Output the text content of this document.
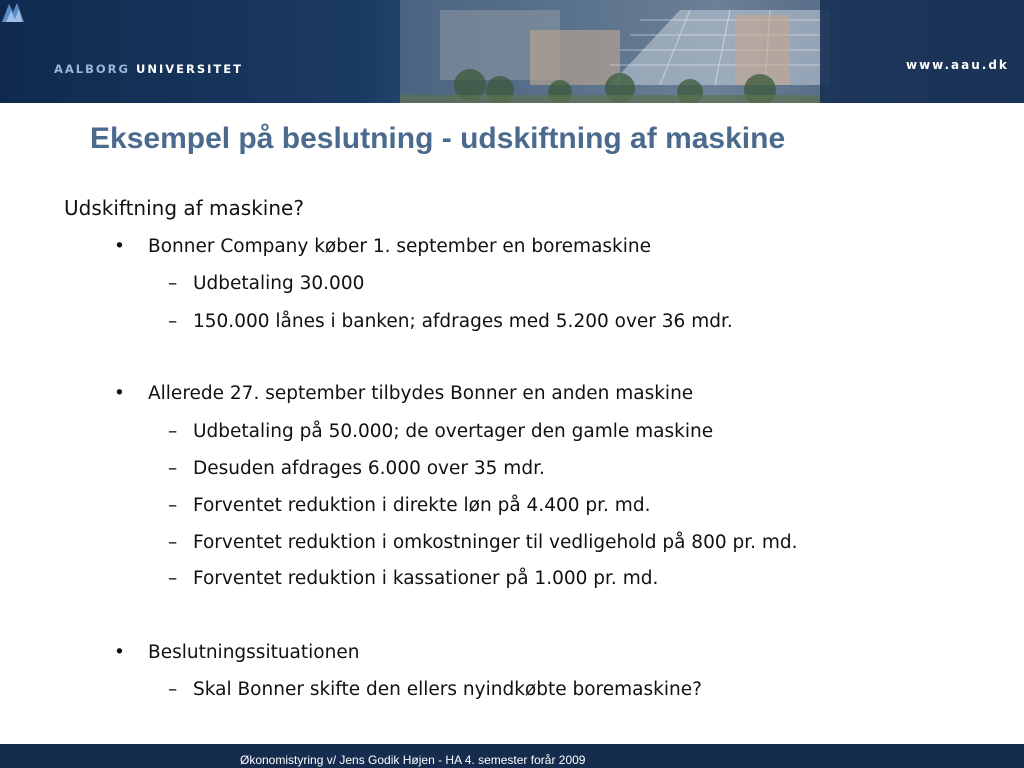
AALBORG UNIVERSITET	www.aau.dk
Eksempel på beslutning - udskiftning af maskine
Udskiftning af maskine?
• Bonner Company køber 1. september en boremaskine
– Udbetaling 30.000
– 150.000 lånes i banken; afdrages med 5.200 over 36 mdr.
• Allerede 27. september tilbydes Bonner en anden maskine
– Udbetaling på 50.000; de overtager den gamle maskine
– Desuden afdrages 6.000 over 35 mdr.
– Forventet reduktion i direkte løn på 4.400 pr. md.
– Forventet reduktion i omkostninger til vedligehold på 800 pr. md.
– Forventet reduktion i kassationer på 1.000 pr. md.
• Beslutningssituationen
– Skal Bonner skifte den ellers nyindkøbte boremaskine?
Økonomistyring v/ Jens Godik Højen - HA 4. semester forår 2009
